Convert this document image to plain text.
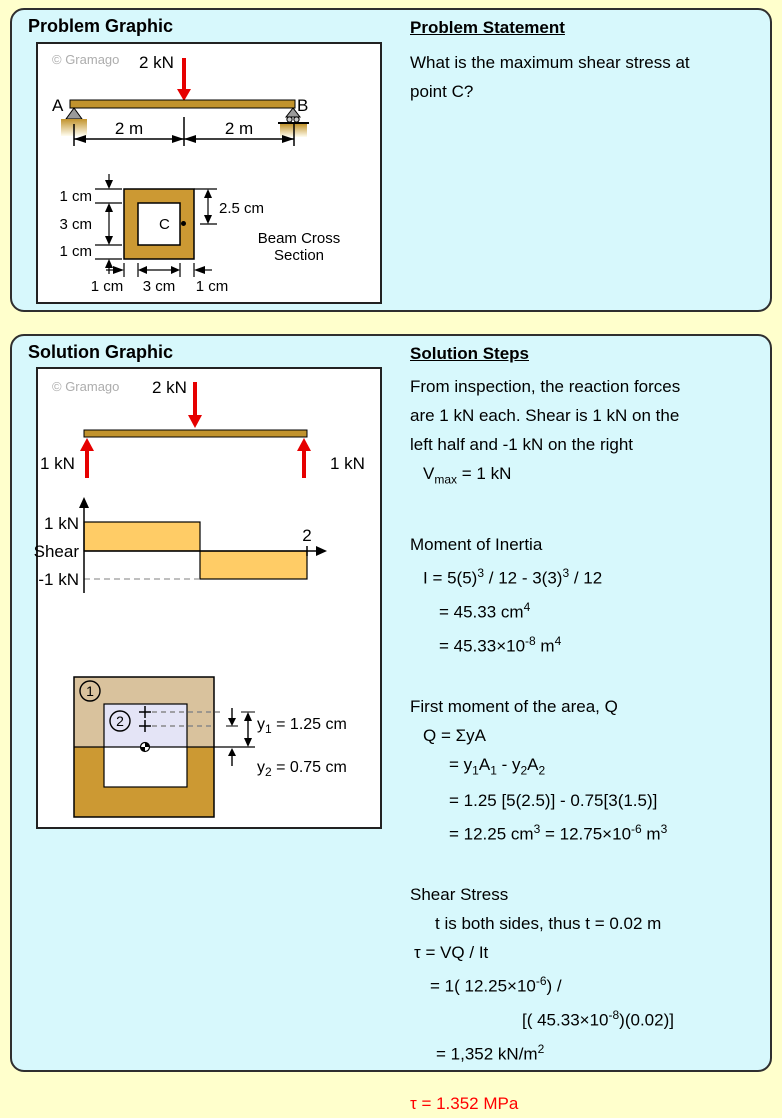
Problem Graphic
© Gramago 2 kN
A	B
2 m	2 m
C
1 cm
3 cm
1 cm
2.5 cm
Beam Cross
Section
1 cm 3 cm 1 cm
Problem Statement
What is the maximum shear stress at
point C?
Solution Graphic
© Gramago 2 kN
1 kN	1 kN
1 kN
Shear
-1 kN
2
1
2	$y_1 = 1.25$ cm
$y_2 = 0.75$ cm
Solution Steps
From inspection, the reaction forces
are 1 kN each. Shear is 1 kN on the
left half and -1 kN on the right
$V_{max} = 1$ kN
Moment of Inertia
$I = 5(5)^3 / 12 - 3(3)^3 / 12$
= 45.33 $cm^4$
= $45.33\times 10^{-8}$ $m^4$
First moment of the area, Q
Q = ΣyA
= $y_1A_1 - y_2A_2$
= 1.25 [5(2.5)] - 0.75[3(1.5)]
= 12.25 $cm^3 = 12.75\times 10^{-6}$ $m^3$
Shear Stress
t is both sides, thus t = 0.02 m
τ = VQ / It
= 1( $12.25\times 10^{-6}$) /
[( $45.33\times 10^{-8})(0.02)$]
= 1,352 $kN/m^2$
τ = 1.352 MPa
